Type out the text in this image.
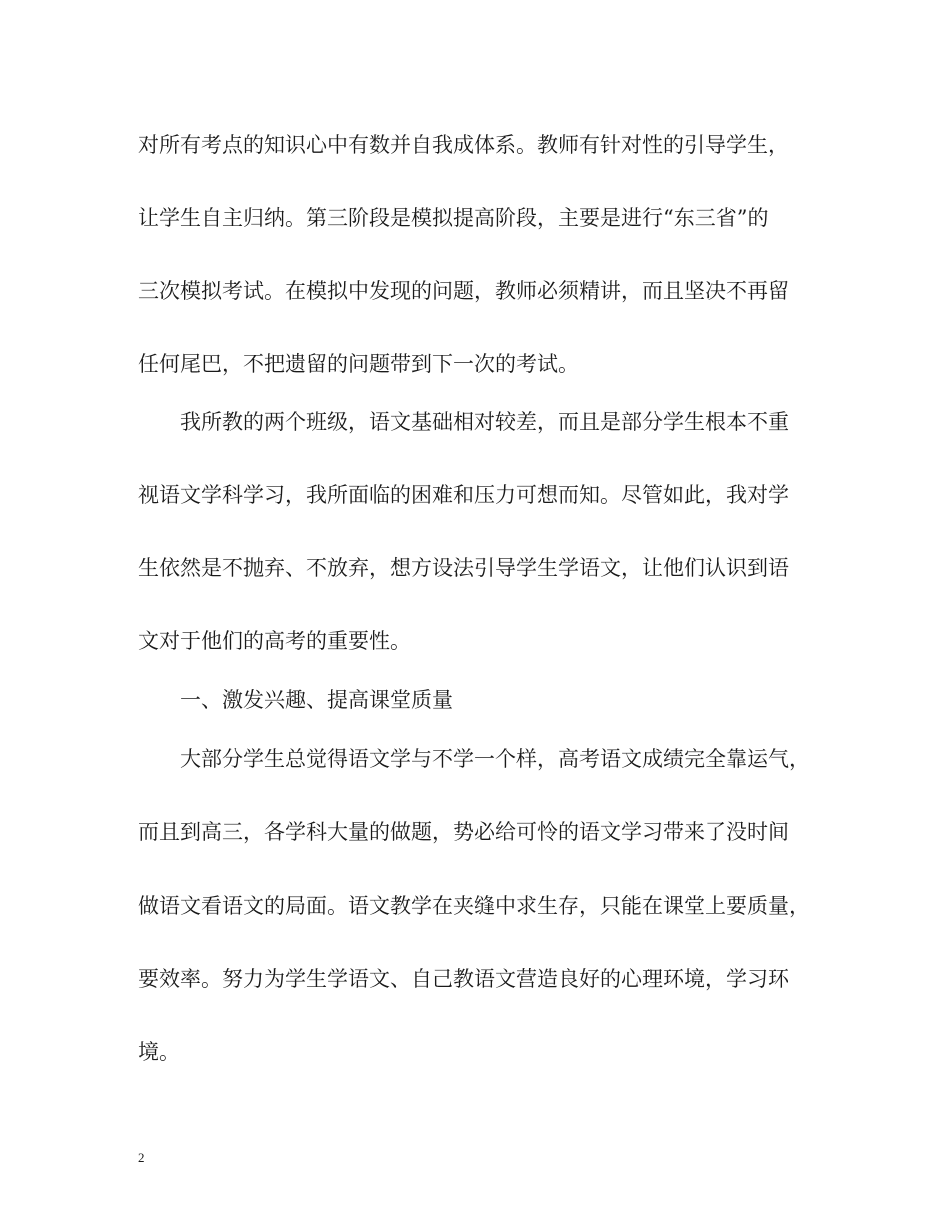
对所有考点的知识心中有数并自我成体系。教师有针对性的引导学生，
让学生自主归纳。第三阶段是模拟提高阶段，主要是进行“东三省”的
三次模拟考试。在模拟中发现的问题，教师必须精讲，而且坚决不再留
任何尾巴，不把遗留的问题带到下一次的考试。
我所教的两个班级，语文基础相对较差，而且是部分学生根本不重
视语文学科学习，我所面临的困难和压力可想而知。尽管如此，我对学
生依然是不抛弃、不放弃，想方设法引导学生学语文，让他们认识到语
文对于他们的高考的重要性。
一、激发兴趣、提高课堂质量
大部分学生总觉得语文学与不学一个样，高考语文成绩完全靠运气，
而且到高三，各学科大量的做题，势必给可怜的语文学习带来了没时间
做语文看语文的局面。语文教学在夹缝中求生存，只能在课堂上要质量，
要效率。努力为学生学语文、自己教语文营造良好的心理环境，学习环
境。
2
